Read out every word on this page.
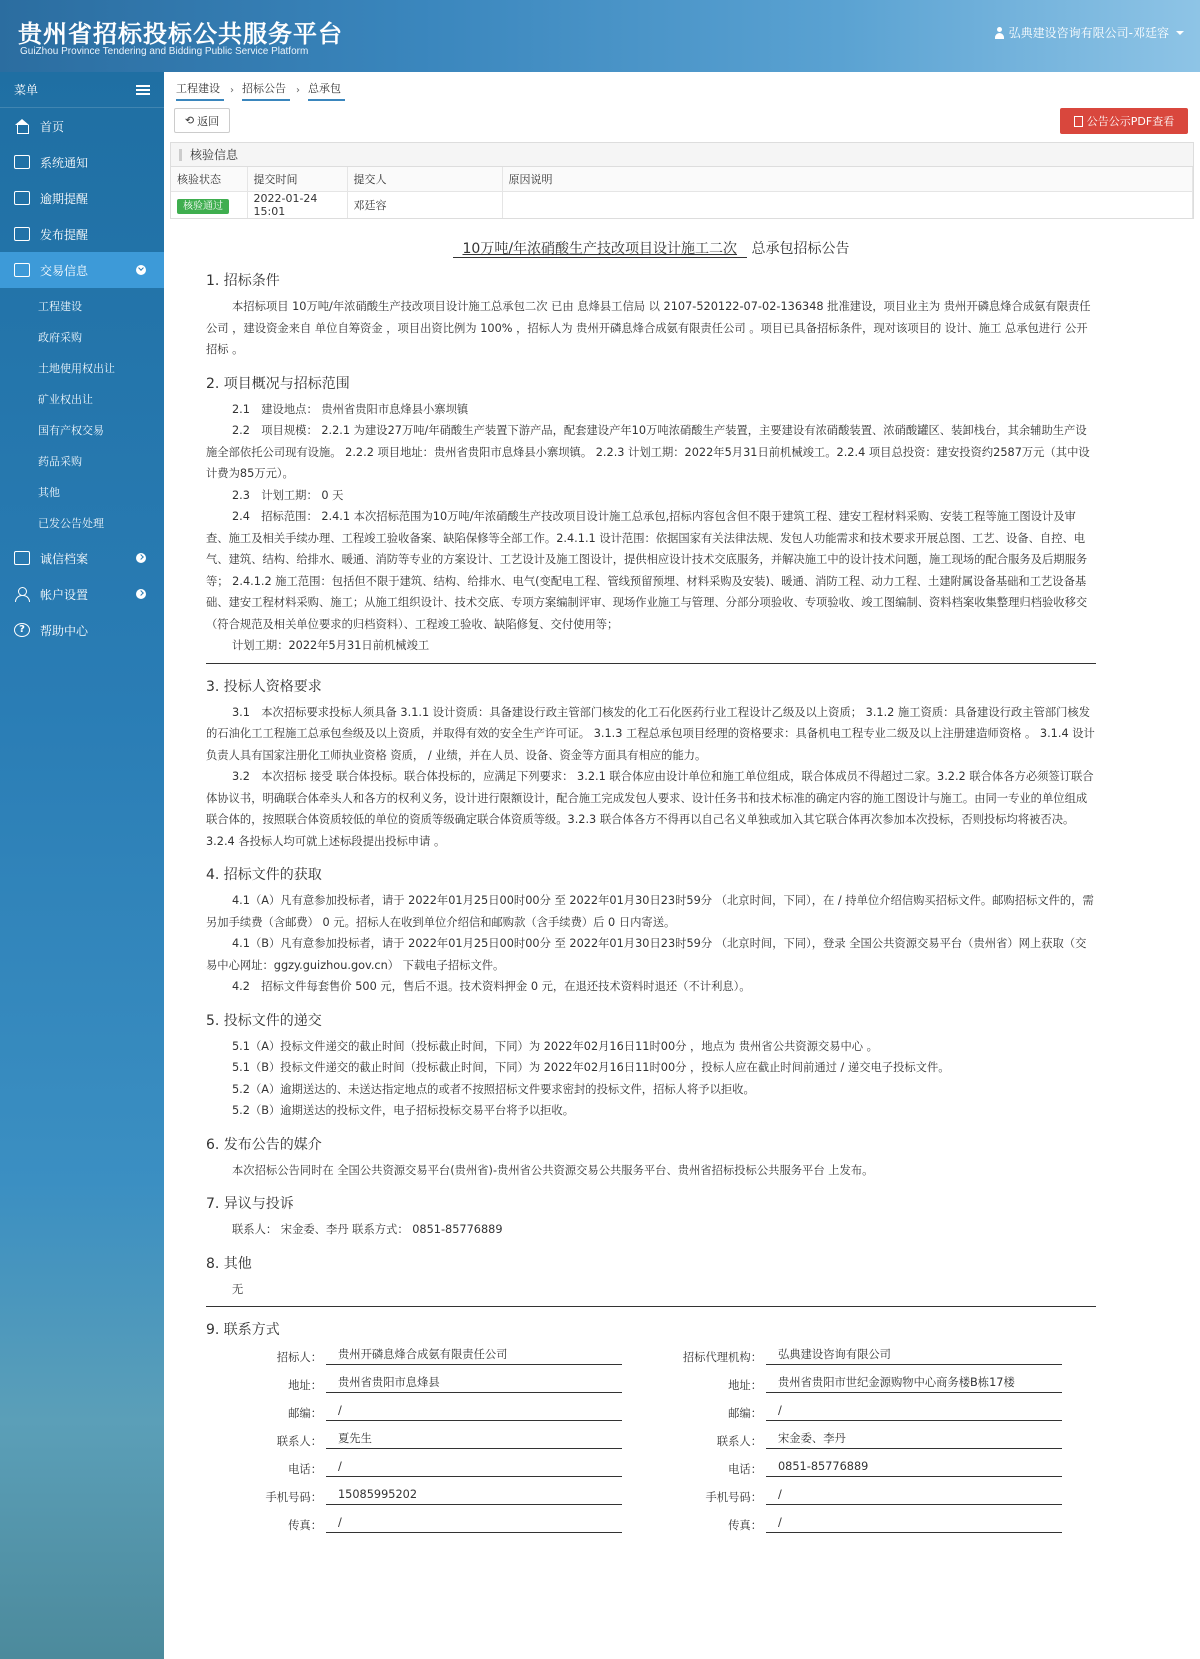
贵州省招标投标公共服务平台
GuiZhou Province Tendering and Bidding Public Service Platform
弘典建设咨询有限公司-邓廷容
菜单
首页
系统通知
逾期提醒
发布提醒
交易信息
工程建设
政府采购
土地使用权出让
矿业权出让
国有产权交易
药品采购
其他
已发公告处理
诚信档案
帐户设置
?	帮助中心
工程建设	› 招标公告	› 总承包
⟲ 返回	公告公示PDF查看
核验信息
核验状态	提交时间	提交人	原因说明
核验通过	2022-01-24 15:01	邓廷容	
10万吨/年浓硝酸生产技改项目设计施工二次 总承包招标公告
1. 招标条件
本招标项目 10万吨/年浓硝酸生产技改项目设计施工总承包二次 已由 息烽县工信局 以 2107-520122-07-02-136348 批准建设，项目业主为 贵州开磷息烽合成氨有限责任公司 ，建设资金来自 单位自筹资金 ，项目出资比例为 100% ，招标人为 贵州开磷息烽合成氨有限责任公司 。项目已具备招标条件，现对该项目的 设计、施工 总承包进行 公开招标 。
2. 项目概况与招标范围
2.1　建设地点： 贵州省贵阳市息烽县小寨坝镇
2.2　项目规模： 2.2.1 为建设27万吨/年硝酸生产装置下游产品，配套建设产年10万吨浓硝酸生产装置，主要建设有浓硝酸装置、浓硝酸罐区、装卸栈台，其余辅助生产设施全部依托公司现有设施。 2.2.2 项目地址：贵州省贵阳市息烽县小寨坝镇。 2.2.3 计划工期：2022年5月31日前机械竣工。2.2.4 项目总投资：建安投资约2587万元（其中设计费为85万元）。
2.3　计划工期： 0 天
2.4　招标范围： 2.4.1 本次招标范围为10万吨/年浓硝酸生产技改项目设计施工总承包,招标内容包含但不限于建筑工程、建安工程材料采购、安装工程等施工图设计及审查、施工及相关手续办理、工程竣工验收备案、缺陷保修等全部工作。2.4.1.1 设计范围：依据国家有关法律法规、发包人功能需求和技术要求开展总图、工艺、设备、自控、电气、建筑、结构、给排水、暖通、消防等专业的方案设计、工艺设计及施工图设计，提供相应设计技术交底服务，并解决施工中的设计技术问题，施工现场的配合服务及后期服务等； 2.4.1.2 施工范围：包括但不限于建筑、结构、给排水、电气(变配电工程、管线预留预埋、材料采购及安装)、暖通、消防工程、动力工程、土建附属设备基础和工艺设备基础、建安工程材料采购、施工；从施工组织设计、技术交底、专项方案编制评审、现场作业施工与管理、分部分项验收、专项验收、竣工图编制、资料档案收集整理归档验收移交（符合规范及相关单位要求的归档资料）、工程竣工验收、缺陷修复、交付使用等；
计划工期：2022年5月31日前机械竣工
3. 投标人资格要求
3.1　本次招标要求投标人须具备 3.1.1 设计资质：具备建设行政主管部门核发的化工石化医药行业工程设计乙级及以上资质； 3.1.2 施工资质：具备建设行政主管部门核发的石油化工工程施工总承包叁级及以上资质，并取得有效的安全生产许可证。 3.1.3 工程总承包项目经理的资格要求：具备机电工程专业二级及以上注册建造师资格 。 3.1.4 设计负责人具有国家注册化工师执业资格 资质， / 业绩，并在人员、设备、资金等方面具有相应的能力。
3.2　本次招标 接受 联合体投标。联合体投标的，应满足下列要求： 3.2.1 联合体应由设计单位和施工单位组成，联合体成员不得超过二家。3.2.2 联合体各方必须签订联合体协议书，明确联合体牵头人和各方的权利义务，设计进行限额设计，配合施工完成发包人要求、设计任务书和技术标准的确定内容的施工图设计与施工。由同一专业的单位组成联合体的，按照联合体资质较低的单位的资质等级确定联合体资质等级。3.2.3 联合体各方不得再以自己名义单独或加入其它联合体再次参加本次投标，否则投标均将被否决。3.2.4 各投标人均可就上述标段提出投标申请 。
4. 招标文件的获取
4.1（A）凡有意参加投标者，请于 2022年01月25日00时00分 至 2022年01月30日23时59分 （北京时间，下同），在 / 持单位介绍信购买招标文件。邮购招标文件的，需另加手续费（含邮费） 0 元。招标人在收到单位介绍信和邮购款（含手续费）后 0 日内寄送。
4.1（B）凡有意参加投标者，请于 2022年01月25日00时00分 至 2022年01月30日23时59分 （北京时间，下同），登录 全国公共资源交易平台（贵州省）网上获取（交易中心网址：ggzy.guizhou.gov.cn） 下载电子招标文件。
4.2　招标文件每套售价 500 元，售后不退。技术资料押金 0 元，在退还技术资料时退还（不计利息）。
5. 投标文件的递交
5.1（A）投标文件递交的截止时间（投标截止时间，下同）为 2022年02月16日11时00分 ，地点为 贵州省公共资源交易中心 。
5.1（B）投标文件递交的截止时间（投标截止时间，下同）为 2022年02月16日11时00分 ，投标人应在截止时间前通过 / 递交电子投标文件。
5.2（A）逾期送达的、未送达指定地点的或者不按照招标文件要求密封的投标文件，招标人将予以拒收。
5.2（B）逾期送达的投标文件，电子招标投标交易平台将予以拒收。
6. 发布公告的媒介
本次招标公告同时在 全国公共资源交易平台(贵州省)-贵州省公共资源交易公共服务平台、贵州省招标投标公共服务平台 上发布。
7. 异议与投诉
联系人： 宋金委、李丹 联系方式： 0851-85776889
8. 其他
无
9. 联系方式
招标人：	贵州开磷息烽合成氨有限责任公司
地址：	贵州省贵阳市息烽县
邮编：	/
联系人：	夏先生
电话：	/
手机号码：	15085995202
传真：	/
招标代理机构：	弘典建设咨询有限公司
地址：	贵州省贵阳市世纪金源购物中心商务楼B栋17楼
邮编：	/
联系人：	宋金委、李丹
电话：	0851-85776889
手机号码：	/
传真：	/
